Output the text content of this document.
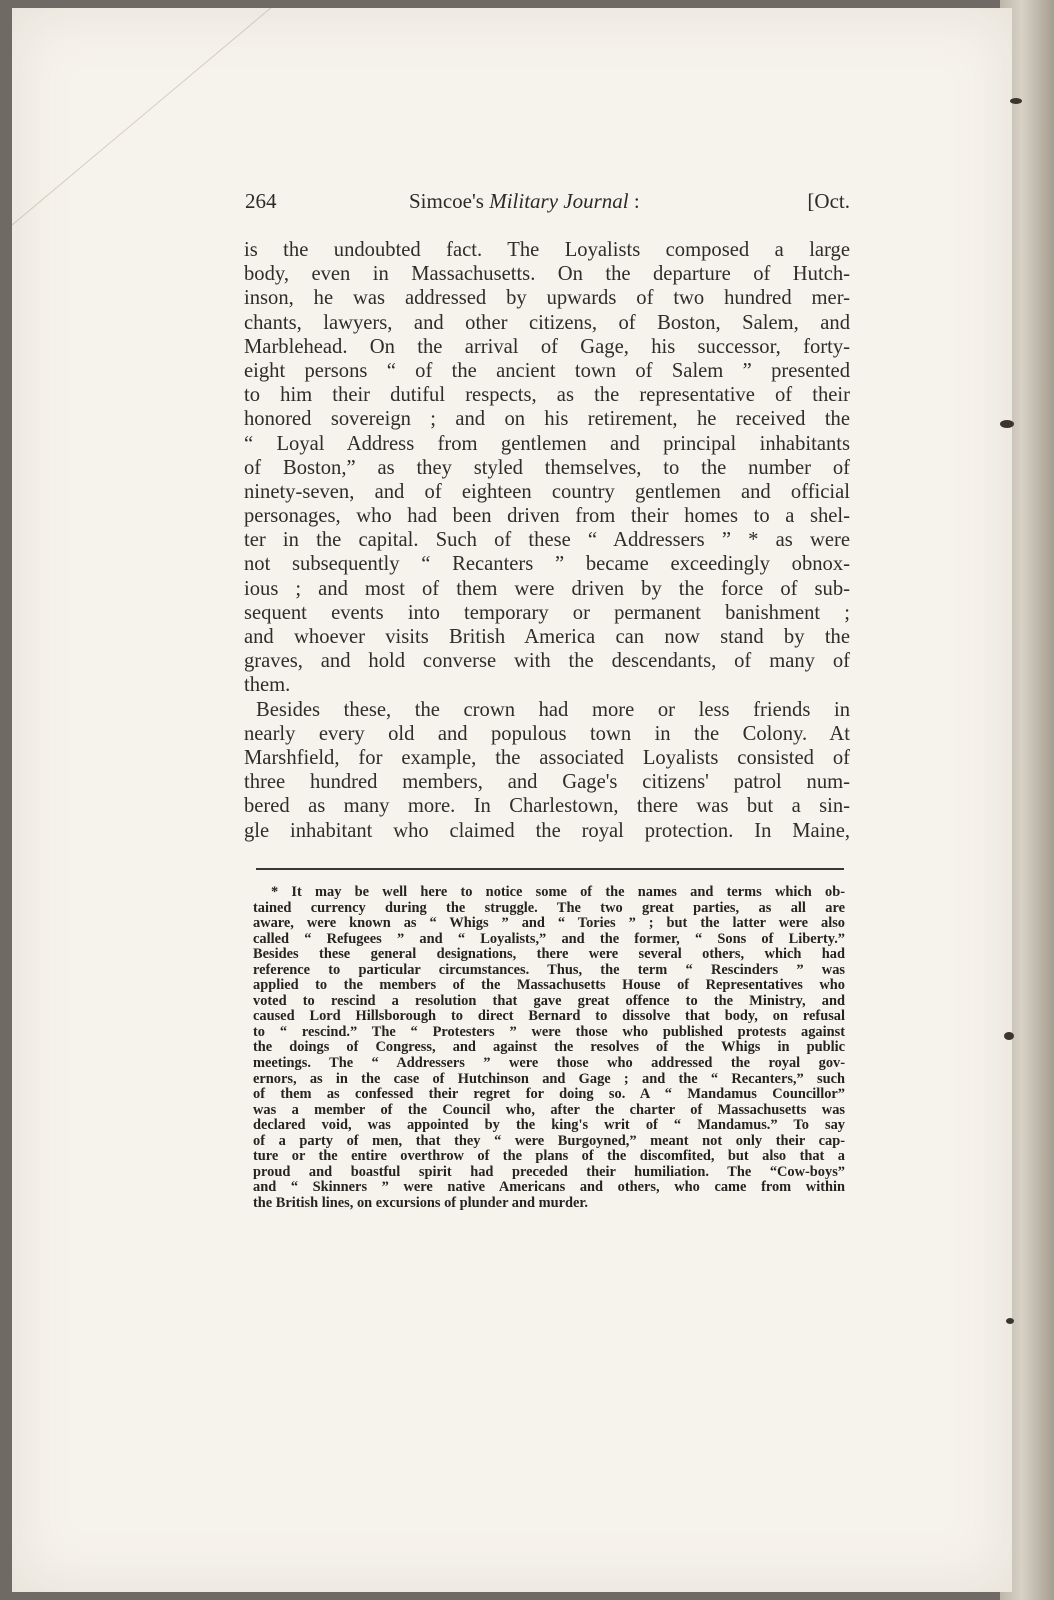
264	Simcoe's Military Journal :	[Oct.
is the undoubted fact. The Loyalists composed a large
body, even in Massachusetts. On the departure of Hutch-
inson, he was addressed by upwards of two hundred mer-
chants, lawyers, and other citizens, of Boston, Salem, and
Marblehead. On the arrival of Gage, his successor, forty-
eight persons “ of the ancient town of Salem ” presented
to him their dutiful respects, as the representative of their
honored sovereign ; and on his retirement, he received the
“ Loyal Address from gentlemen and principal inhabitants
of Boston,” as they styled themselves, to the number of
ninety-seven, and of eighteen country gentlemen and official
personages, who had been driven from their homes to a shel-
ter in the capital. Such of these “ Addressers ” * as were
not subsequently “ Recanters ” became exceedingly obnox-
ious ; and most of them were driven by the force of sub-
sequent events into temporary or permanent banishment ;
and whoever visits British America can now stand by the
graves, and hold converse with the descendants, of many of
them.
Besides these, the crown had more or less friends in
nearly every old and populous town in the Colony. At
Marshfield, for example, the associated Loyalists consisted of
three hundred members, and Gage's citizens' patrol num-
bered as many more. In Charlestown, there was but a sin-
gle inhabitant who claimed the royal protection. In Maine,
* It may be well here to notice some of the names and terms which ob-
tained currency during the struggle. The two great parties, as all are
aware, were known as “ Whigs ” and “ Tories ” ; but the latter were also
called “ Refugees ” and “ Loyalists,” and the former, “ Sons of Liberty.”
Besides these general designations, there were several others, which had
reference to particular circumstances. Thus, the term “ Rescinders ” was
applied to the members of the Massachusetts House of Representatives who
voted to rescind a resolution that gave great offence to the Ministry, and
caused Lord Hillsborough to direct Bernard to dissolve that body, on refusal
to “ rescind.” The “ Protesters ” were those who published protests against
the doings of Congress, and against the resolves of the Whigs in public
meetings. The “ Addressers ” were those who addressed the royal gov-
ernors, as in the case of Hutchinson and Gage ; and the “ Recanters,” such
of them as confessed their regret for doing so. A “ Mandamus Councillor”
was a member of the Council who, after the charter of Massachusetts was
declared void, was appointed by the king's writ of “ Mandamus.” To say
of a party of men, that they “ were Burgoyned,” meant not only their cap-
ture or the entire overthrow of the plans of the discomfited, but also that a
proud and boastful spirit had preceded their humiliation. The “Cow-boys”
and “ Skinners ” were native Americans and others, who came from within
the British lines, on excursions of plunder and murder.
